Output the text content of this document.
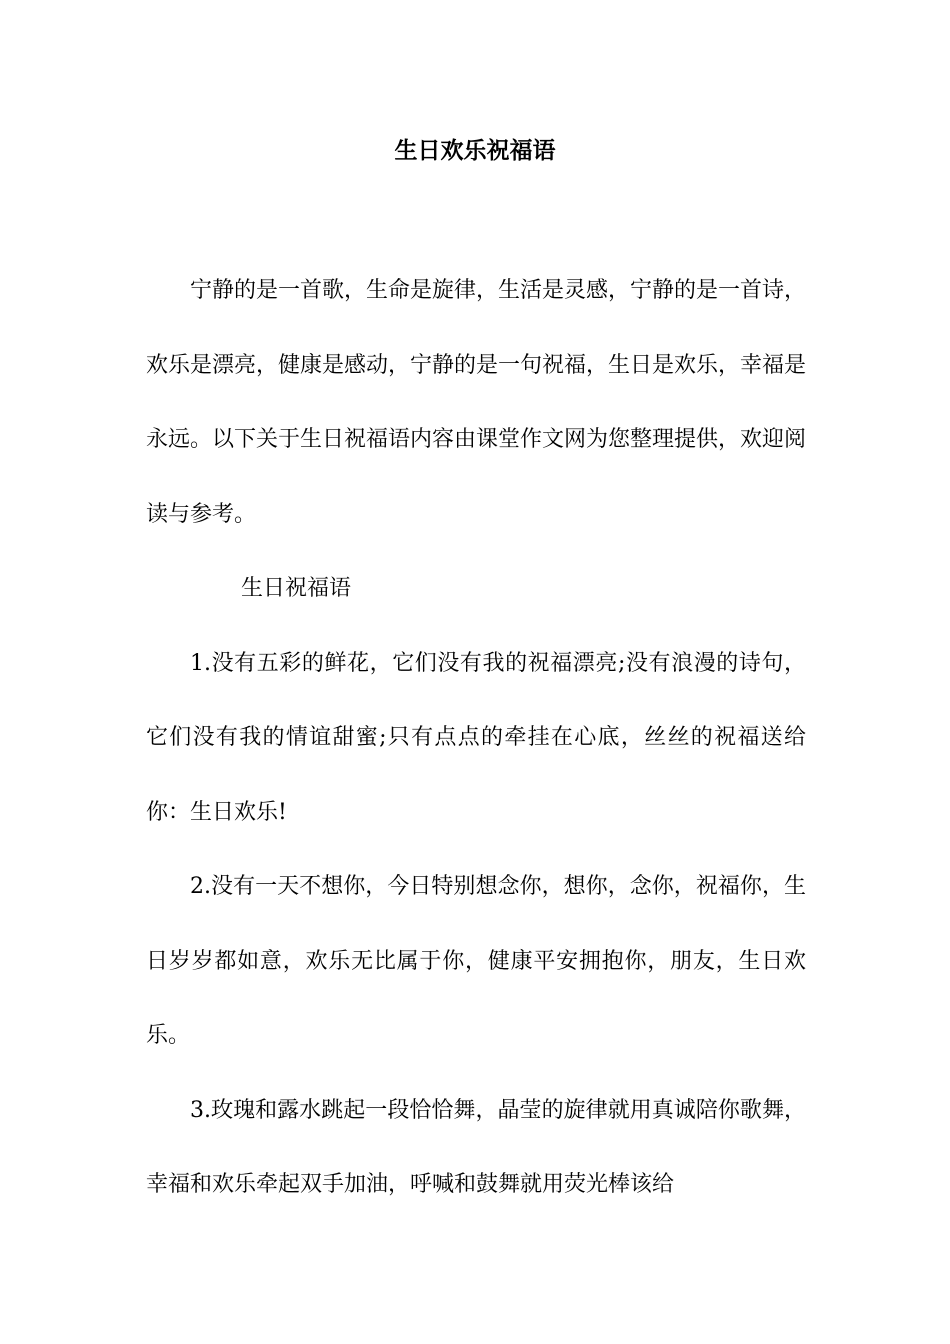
生日欢乐祝福语

宁静的是一首歌，生命是旋律，生活是灵感，宁静的是一首诗，欢乐是漂亮，健康是感动，宁静的是一句祝福，生日是欢乐，幸福是永远。以下关于生日祝福语内容由课堂作文网为您整理提供，欢迎阅读与参考。

生日祝福语

1.没有五彩的鲜花，它们没有我的祝福漂亮;没有浪漫的诗句，它们没有我的情谊甜蜜;只有点点的牵挂在心底，丝丝的祝福送给你：生日欢乐!

2.没有一天不想你，今日特别想念你，想你，念你，祝福你，生日岁岁都如意，欢乐无比属于你，健康平安拥抱你，朋友，生日欢乐。

3.玫瑰和露水跳起一段恰恰舞，晶莹的旋律就用真诚陪你歌舞，幸福和欢乐牵起双手加油，呼喊和鼓舞就用荧光棒该给
